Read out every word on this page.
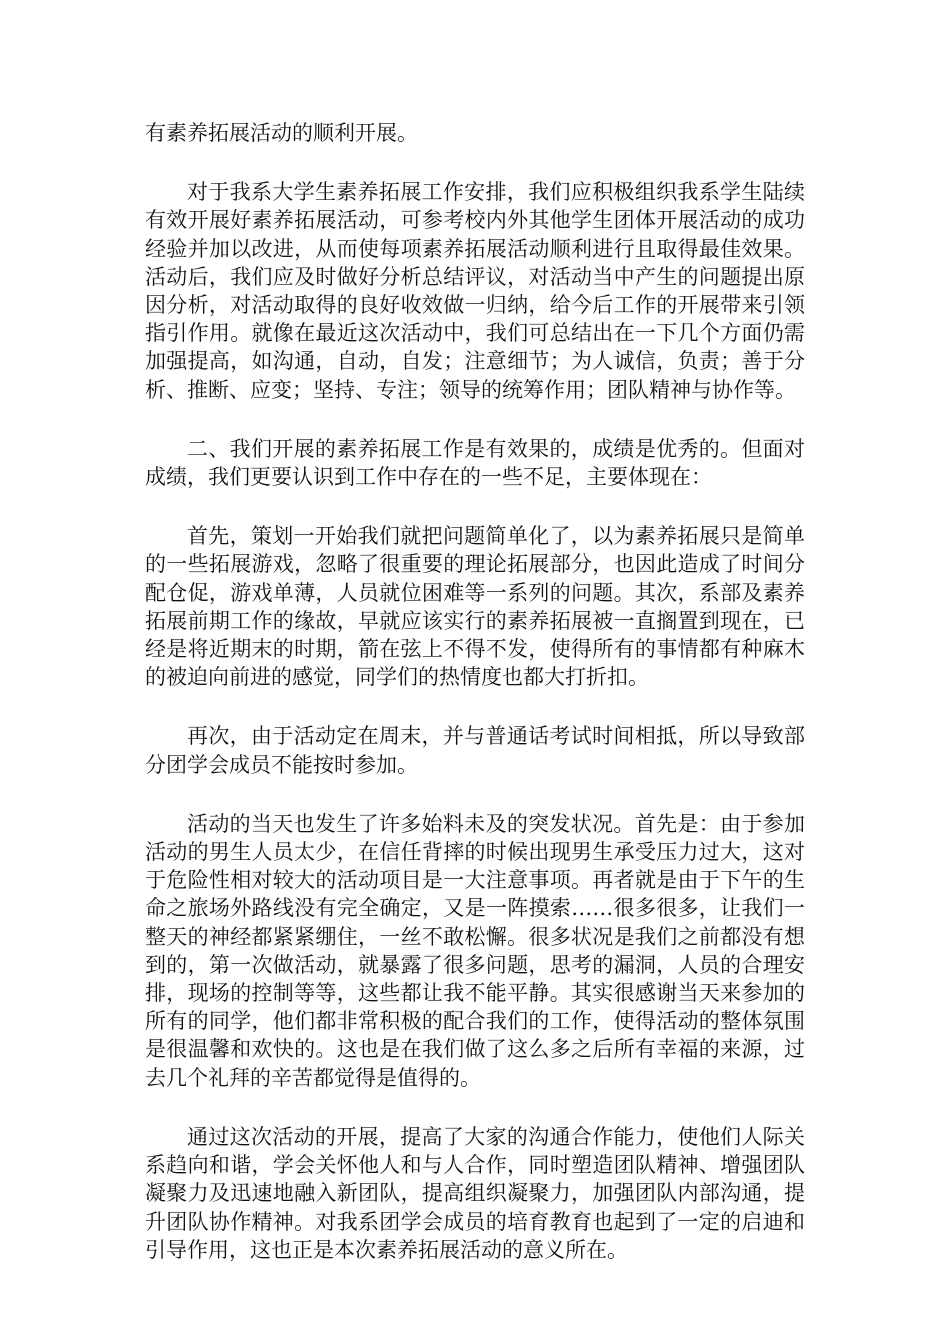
有素养拓展活动的顺利开展。

对于我系大学生素养拓展工作安排，我们应积极组织我系学生陆续有效开展好素养拓展活动，可参考校内外其他学生团体开展活动的成功经验并加以改进，从而使每项素养拓展活动顺利进行且取得最佳效果。活动后，我们应及时做好分析总结评议，对活动当中产生的问题提出原因分析，对活动取得的良好收效做一归纳，给今后工作的开展带来引领指引作用。就像在最近这次活动中，我们可总结出在一下几个方面仍需加强提高，如沟通，自动，自发；注意细节；为人诚信，负责；善于分析、推断、应变；坚持、专注；领导的统筹作用；团队精神与协作等。

二、我们开展的素养拓展工作是有效果的，成绩是优秀的。但面对成绩，我们更要认识到工作中存在的一些不足，主要体现在：

首先，策划一开始我们就把问题简单化了，以为素养拓展只是简单的一些拓展游戏，忽略了很重要的理论拓展部分，也因此造成了时间分配仓促，游戏单薄，人员就位困难等一系列的问题。其次，系部及素养拓展前期工作的缘故，早就应该实行的素养拓展被一直搁置到现在，已经是将近期末的时期，箭在弦上不得不发，使得所有的事情都有种麻木的被迫向前进的感觉，同学们的热情度也都大打折扣。

再次，由于活动定在周末，并与普通话考试时间相抵，所以导致部分团学会成员不能按时参加。

活动的当天也发生了许多始料未及的突发状况。首先是：由于参加活动的男生人员太少，在信任背摔的时候出现男生承受压力过大，这对于危险性相对较大的活动项目是一大注意事项。再者就是由于下午的生命之旅场外路线没有完全确定，又是一阵摸索……很多很多，让我们一整天的神经都紧紧绷住，一丝不敢松懈。很多状况是我们之前都没有想到的，第一次做活动，就暴露了很多问题，思考的漏洞，人员的合理安排，现场的控制等等，这些都让我不能平静。其实很感谢当天来参加的所有的同学，他们都非常积极的配合我们的工作，使得活动的整体氛围是很温馨和欢快的。这也是在我们做了这么多之后所有幸福的来源，过去几个礼拜的辛苦都觉得是值得的。

通过这次活动的开展，提高了大家的沟通合作能力，使他们人际关系趋向和谐，学会关怀他人和与人合作，同时塑造团队精神、增强团队凝聚力及迅速地融入新团队，提高组织凝聚力，加强团队内部沟通，提升团队协作精神。对我系团学会成员的培育教育也起到了一定的启迪和引导作用，这也正是本次素养拓展活动的意义所在。
